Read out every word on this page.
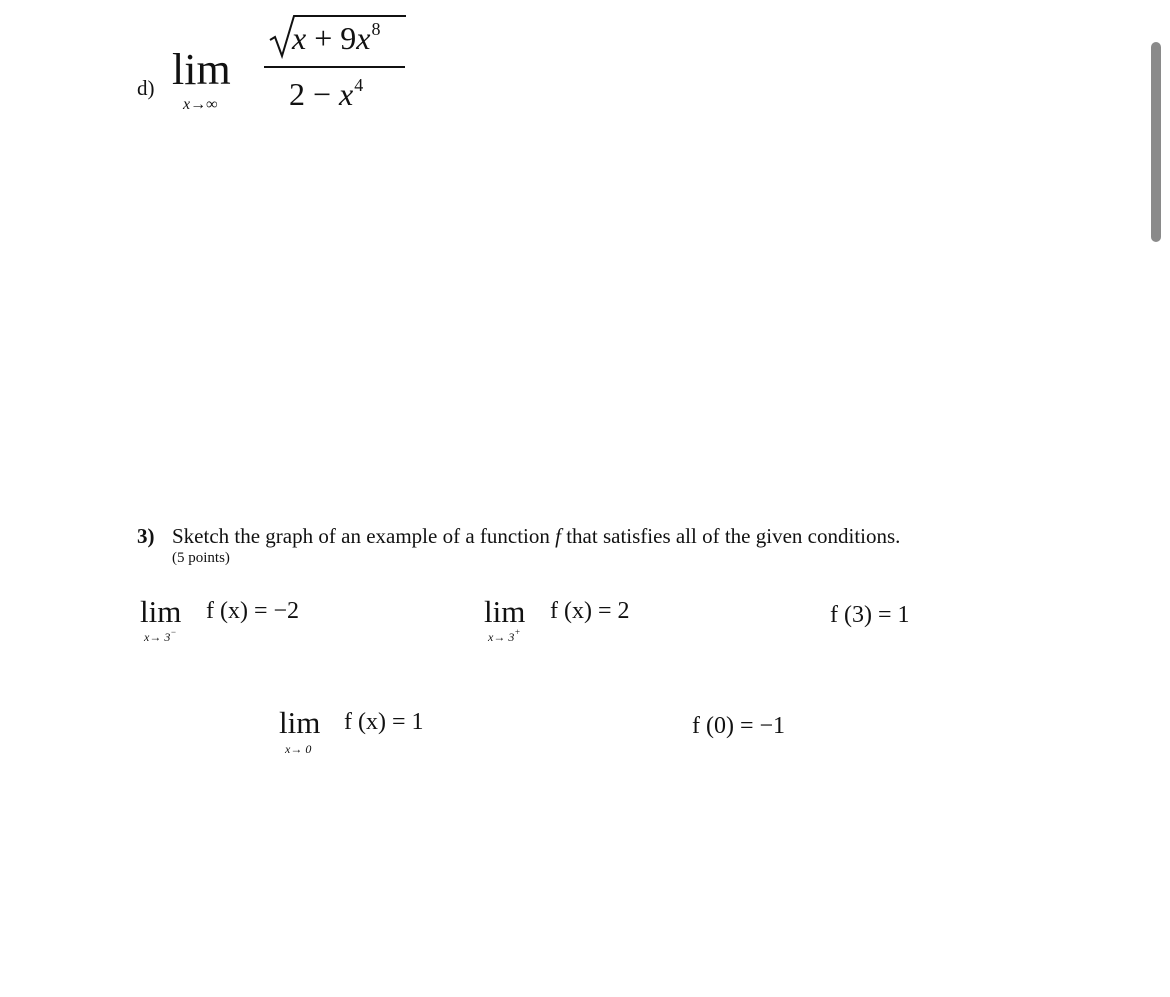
d) lim
x→∞
$x + 9x^8$
$2 - x^4$
3) Sketch the graph of an example of a function f that satisfies all of the given conditions.
(5 points)
lim
x→ 3−
f (x) = −2	lim
x→ 3+
f (x) = 2	f (3) = 1
lim
x→ 0
f (x) = 1	f (0) = −1
